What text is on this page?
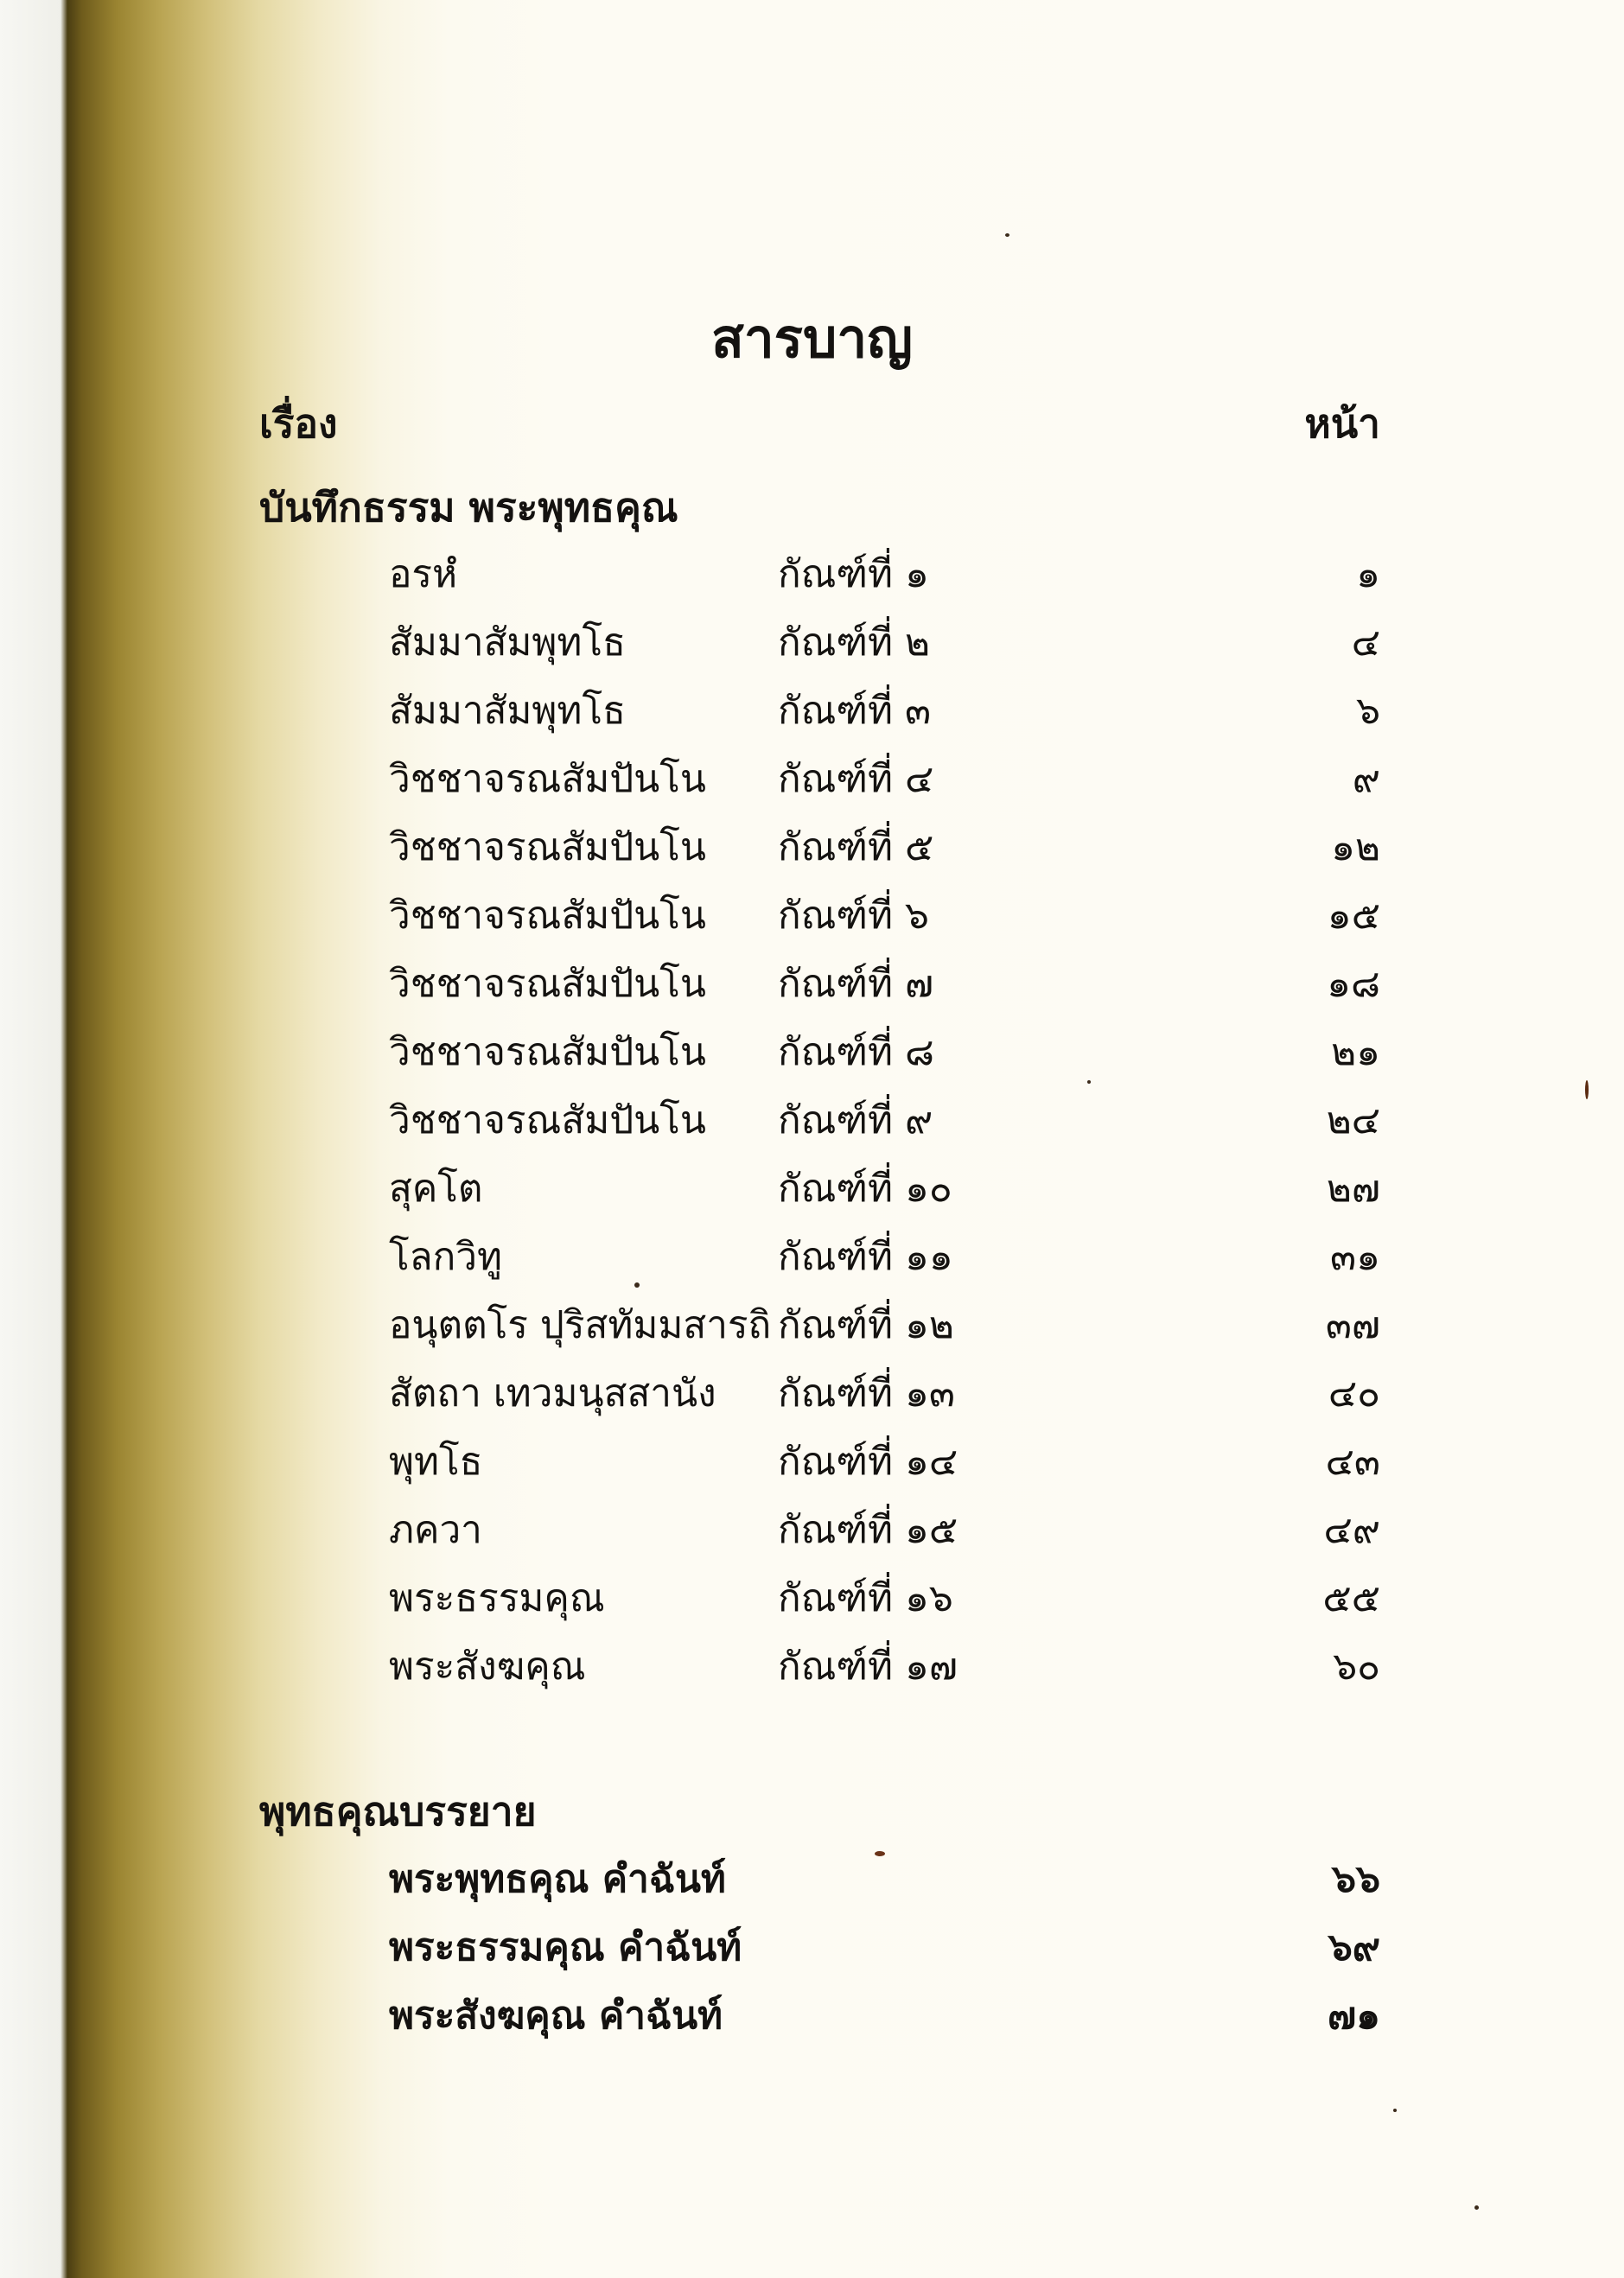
สารบาญ
เรื่อง	หน้า
บันทึกธรรม พระพุทธคุณ
อรหํ	กัณฑ์ที่ ๑	๑
สัมมาสัมพุทโธ	กัณฑ์ที่ ๒	๔
สัมมาสัมพุทโธ	กัณฑ์ที่ ๓	๖
วิชชาจรณสัมปันโน กัณฑ์ที่ ๔	๙
วิชชาจรณสัมปันโน กัณฑ์ที่ ๕	๑๒
วิชชาจรณสัมปันโน กัณฑ์ที่ ๖	๑๕
วิชชาจรณสัมปันโน กัณฑ์ที่ ๗	๑๘
วิชชาจรณสัมปันโน กัณฑ์ที่ ๘	๒๑
วิชชาจรณสัมปันโน กัณฑ์ที่ ๙	๒๔
สุคโต	กัณฑ์ที่ ๑๐	๒๗
โลกวิทู	กัณฑ์ที่ ๑๑	๓๑
อนุตตโร ปุริสทัมมสารถิ กัณฑ์ที่ ๑๒	๓๗
สัตถา เทวมนุสสานัง กัณฑ์ที่ ๑๓	๔๐
พุทโธ	กัณฑ์ที่ ๑๔	๔๓
ภควา	กัณฑ์ที่ ๑๕	๔๙
พระธรรมคุณ	กัณฑ์ที่ ๑๖	๕๕
พระสังฆคุณ	กัณฑ์ที่ ๑๗	๖๐
พุทธคุณบรรยาย
พระพุทธคุณ คำฉันท์	๖๖
พระธรรมคุณ คำฉันท์	๖๙
พระสังฆคุณ คำฉันท์	๗๑
